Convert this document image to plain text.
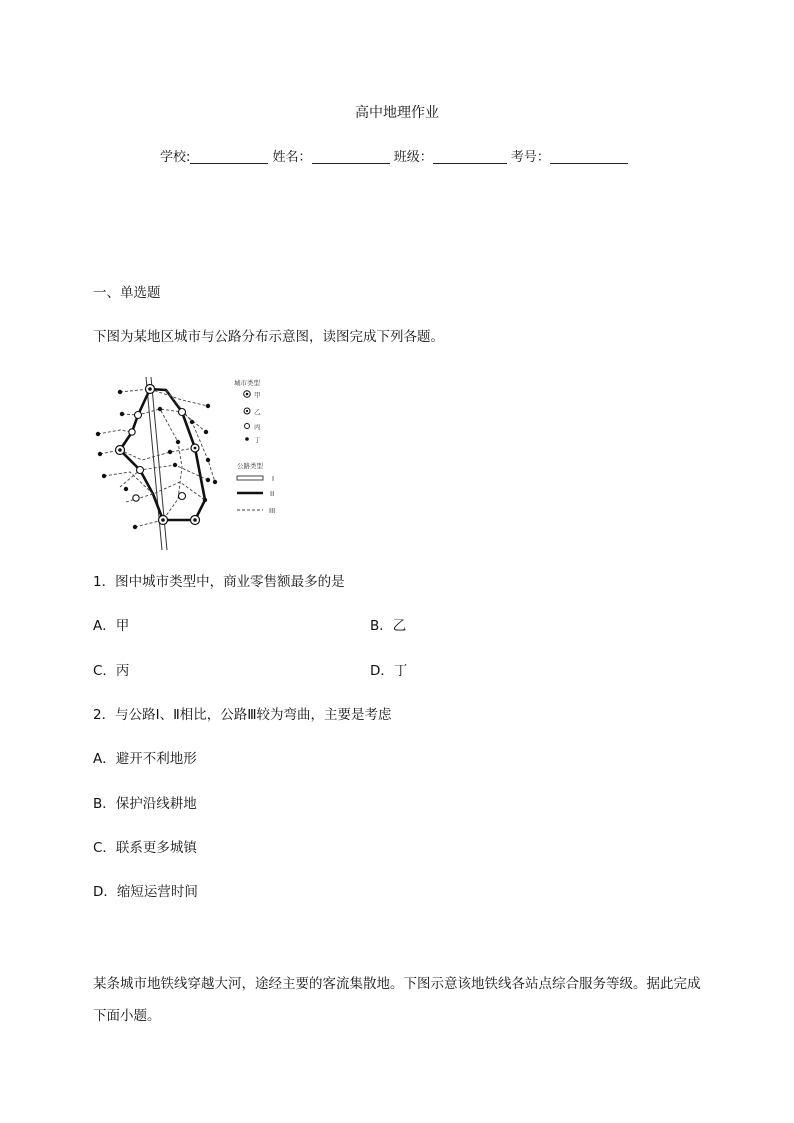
高中地理作业
学校:	姓名：	班级：	考号：
一、单选题
下图为某地区城市与公路分布示意图，读图完成下列各题。
城市类型
甲
乙
丙
丁
公路类型
I
II
III
1．图中城市类型中，商业零售额最多的是
A．甲	B．乙
C．丙	D．丁
2．与公路Ⅰ、Ⅱ相比，公路Ⅲ较为弯曲，主要是考虑
A．避开不利地形
B．保护沿线耕地
C．联系更多城镇
D．缩短运营时间
某条城市地铁线穿越大河，途经主要的客流集散地。下图示意该地铁线各站点综合服务等级。据此完成下面小题。
